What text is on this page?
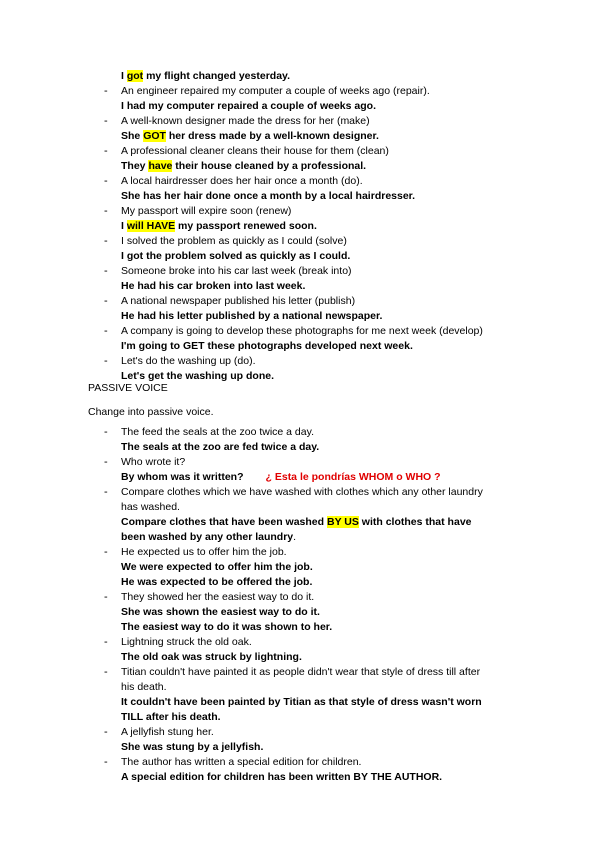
I got my flight changed yesterday.
- An engineer repaired my computer a couple of weeks ago (repair).
I had my computer repaired a couple of weeks ago.
- A well-known designer made the dress for her (make)
She GOT her dress made by a well-known designer.
- A professional cleaner cleans their house for them (clean)
They have their house cleaned by a professional.
- A local hairdresser does her hair once a month (do).
She has her hair done once a month by a local hairdresser.
- My passport will expire soon (renew)
I will HAVE my passport renewed soon.
- I solved the problem as quickly as I could (solve)
I got the problem solved as quickly as I could.
- Someone broke into his car last week (break into)
He had his car broken into last week.
- A national newspaper published his letter (publish)
He had his letter published by a national newspaper.
- A company is going to develop these photographs for me next week (develop)
I'm going to GET these photographs developed next week.
- Let's do the washing up (do).
Let's get the washing up done.
PASSIVE VOICE
Change into passive voice.
- The feed the seals at the zoo twice a day.
The seals at the zoo are fed twice a day.
- Who wrote it?
By whom was it written? ¿ Esta le pondrías WHOM o WHO ?
- Compare clothes which we have washed with clothes which any other laundry
has washed.
Compare clothes that have been washed BY US with clothes that have
been washed by any other laundry.
- He expected us to offer him the job.
We were expected to offer him the job.
He was expected to be offered the job.
- They showed her the easiest way to do it.
She was shown the easiest way to do it.
The easiest way to do it was shown to her.
- Lightning struck the old oak.
The old oak was struck by lightning.
- Titian couldn't have painted it as people didn't wear that style of dress till after
his death.
It couldn't have been painted by Titian as that style of dress wasn't worn
TILL after his death.
- A jellyfish stung her.
She was stung by a jellyfish.
- The author has written a special edition for children.
A special edition for children has been written BY THE AUTHOR.
